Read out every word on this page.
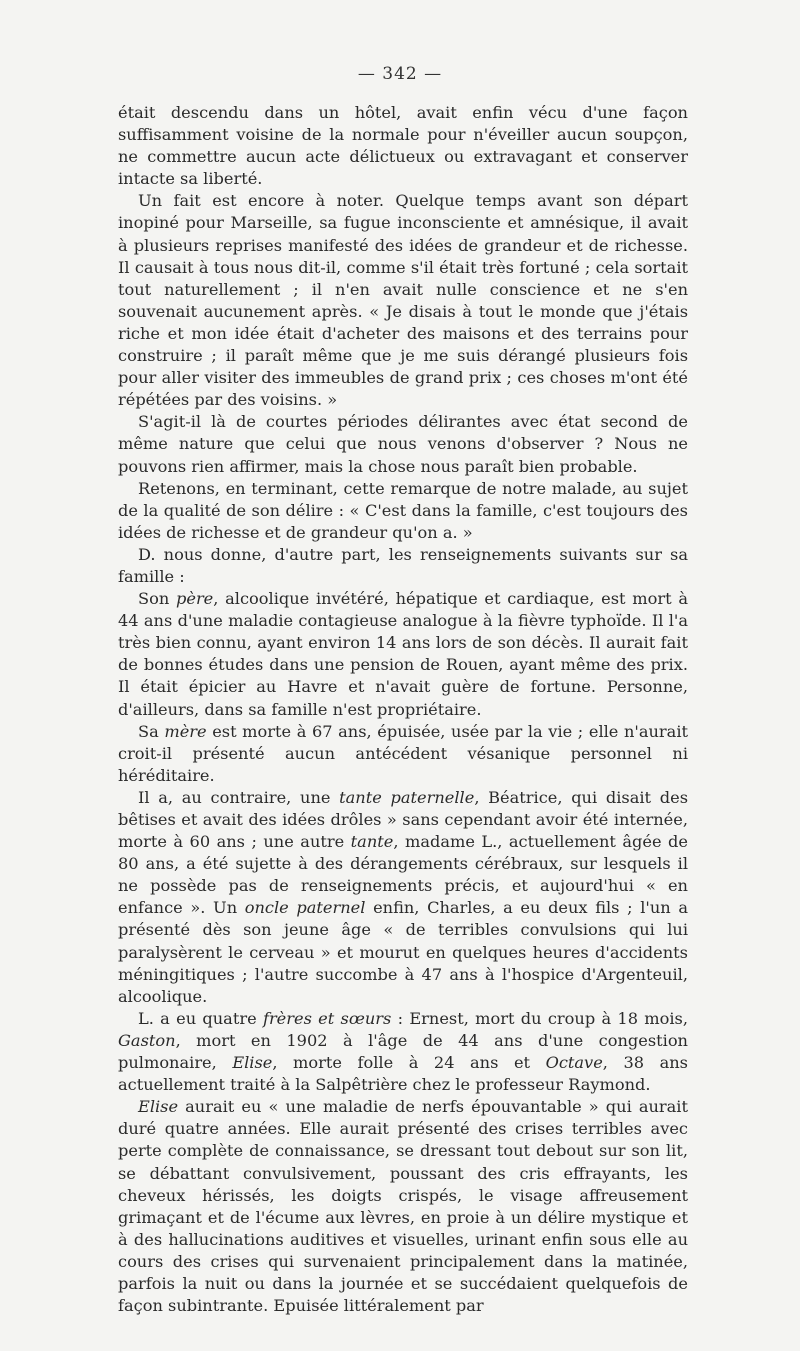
— 342 —

était descendu dans un hôtel, avait enfin vécu d'une façon suffisamment voisine de la normale pour n'éveiller aucun soupçon, ne commettre aucun acte délictueux ou extravagant et conserver intacte sa liberté.

Un fait est encore à noter. Quelque temps avant son départ inopiné pour Marseille, sa fugue inconsciente et amnésique, il avait à plusieurs reprises manifesté des idées de grandeur et de richesse. Il causait à tous nous dit-il, comme s'il était très fortuné ; cela sortait tout naturellement ; il n'en avait nulle conscience et ne s'en souvenait aucunement après. « Je disais à tout le monde que j'étais riche et mon idée était d'acheter des maisons et des terrains pour construire ; il paraît même que je me suis dérangé plusieurs fois pour aller visiter des immeubles de grand prix ; ces choses m'ont été répétées par des voisins. »

S'agit-il là de courtes périodes délirantes avec état second de même nature que celui que nous venons d'observer ? Nous ne pouvons rien affirmer, mais la chose nous paraît bien probable.

Retenons, en terminant, cette remarque de notre malade, au sujet de la qualité de son délire : « C'est dans la famille, c'est toujours des idées de richesse et de grandeur qu'on a. »

D. nous donne, d'autre part, les renseignements suivants sur sa famille :

Son père, alcoolique invétéré, hépatique et cardiaque, est mort à 44 ans d'une maladie contagieuse analogue à la fièvre typhoïde. Il l'a très bien connu, ayant environ 14 ans lors de son décès. Il aurait fait de bonnes études dans une pension de Rouen, ayant même des prix. Il était épicier au Havre et n'avait guère de fortune. Personne, d'ailleurs, dans sa famille n'est propriétaire.

Sa mère est morte à 67 ans, épuisée, usée par la vie ; elle n'aurait croit-il présenté aucun antécédent vésanique personnel ni héréditaire.

Il a, au contraire, une tante paternelle, Béatrice, qui disait des bêtises et avait des idées drôles » sans cependant avoir été internée, morte à 60 ans ; une autre tante, madame L., actuellement âgée de 80 ans, a été sujette à des dérangements cérébraux, sur lesquels il ne possède pas de renseignements précis, et aujourd'hui « en enfance ». Un oncle paternel enfin, Charles, a eu deux fils ; l'un a présenté dès son jeune âge « de terribles convulsions qui lui paralysèrent le cerveau » et mourut en quelques heures d'accidents méningitiques ; l'autre succombe à 47 ans à l'hospice d'Argenteuil, alcoolique.

L. a eu quatre frères et sœurs : Ernest, mort du croup à 18 mois, Gaston, mort en 1902 à l'âge de 44 ans d'une congestion pulmonaire, Elise, morte folle à 24 ans et Octave, 38 ans actuellement traité à la Salpêtrière chez le professeur Raymond.

Elise aurait eu « une maladie de nerfs épouvantable » qui aurait duré quatre années. Elle aurait présenté des crises terribles avec perte complète de connaissance, se dressant tout debout sur son lit, se débattant convulsivement, poussant des cris effrayants, les cheveux hérissés, les doigts crispés, le visage affreusement grimaçant et de l'écume aux lèvres, en proie à un délire mystique et à des hallucinations auditives et visuelles, urinant enfin sous elle au cours des crises qui survenaient principalement dans la matinée, parfois la nuit ou dans la journée et se succédaient quelquefois de façon subintrante. Epuisée littéralement par
